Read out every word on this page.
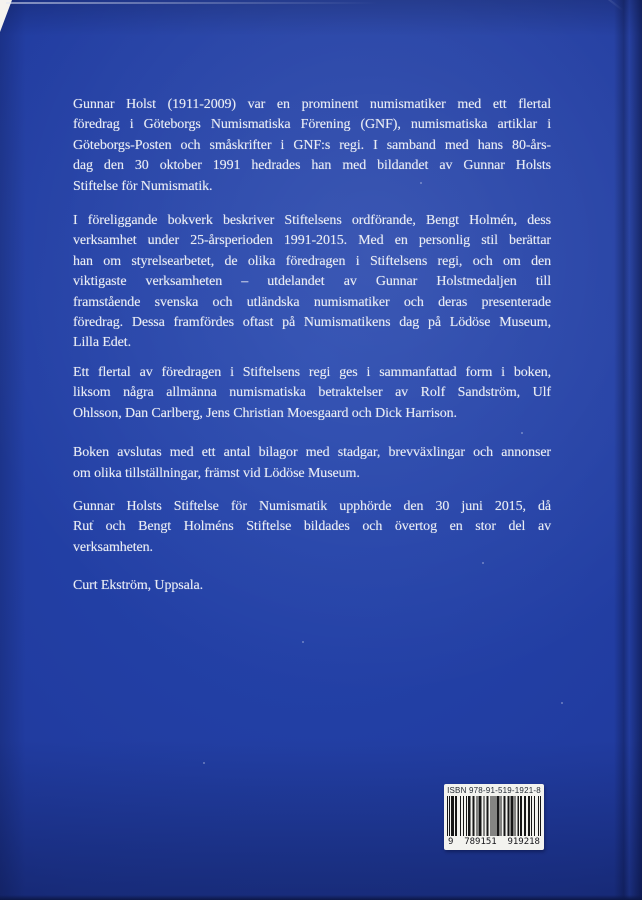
Gunnar Holst (1911-2009) var en prominent numismatiker med ett flertal
föredrag i Göteborgs Numismatiska Förening (GNF), numismatiska artiklar i
Göteborgs-Posten och småskrifter i GNF:s regi. I samband med hans 80-års-
dag den 30 oktober 1991 hedrades han med bildandet av Gunnar Holsts
Stiftelse för Numismatik.
I föreliggande bokverk beskriver Stiftelsens ordförande, Bengt Holmén, dess
verksamhet under 25-årsperioden 1991-2015. Med en personlig stil berättar
han om styrelsearbetet, de olika föredragen i Stiftelsens regi, och om den
viktigaste verksamheten – utdelandet av Gunnar Holstmedaljen till
framstående svenska och utländska numismatiker och deras presenterade
föredrag. Dessa framfördes oftast på Numismatikens dag på Lödöse Museum,
Lilla Edet.
Ett flertal av föredragen i Stiftelsens regi ges i sammanfattad form i boken,
liksom några allmänna numismatiska betraktelser av Rolf Sandström, Ulf
Ohlsson, Dan Carlberg, Jens Christian Moesgaard och Dick Harrison.
Boken avslutas med ett antal bilagor med stadgar, brevväxlingar och annonser
om olika tillställningar, främst vid Lödöse Museum.
Gunnar Holsts Stiftelse för Numismatik upphörde den 30 juni 2015, då
Rut och Bengt Holméns Stiftelse bildades och övertog en stor del av
verksamheten.
Curt Ekström, Uppsala.
ISBN 978-91-519-1921-8
9 789151 919218
